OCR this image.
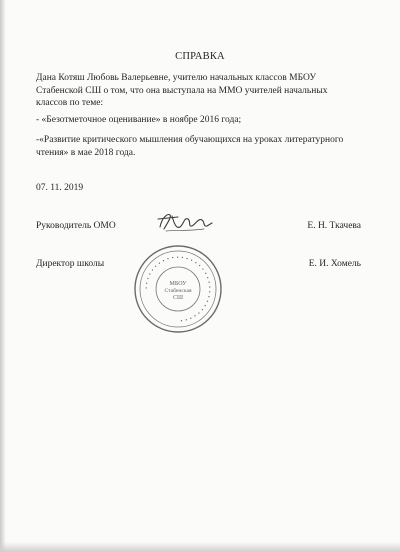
СПРАВКА
Дана Котяш Любовь Валерьевне, учителю начальных классов МБОУ Стабенской СШ о том, что она выступала на ММО учителей начальных классов по теме:
- «Безотметочное оценивание» в ноябре 2016 года;
-«Развитие критического мышления обучающихся на уроках литературного чтения» в мае 2018 года.
07. 11. 2019
Руководитель ОМО	Е. Н. Ткачева
Директор школы	Е. И. Хомель
• • • • • • • • • • • • • • • • • • • • • • • • • • • • • • •
МБОУ
Стабенская
СШ
